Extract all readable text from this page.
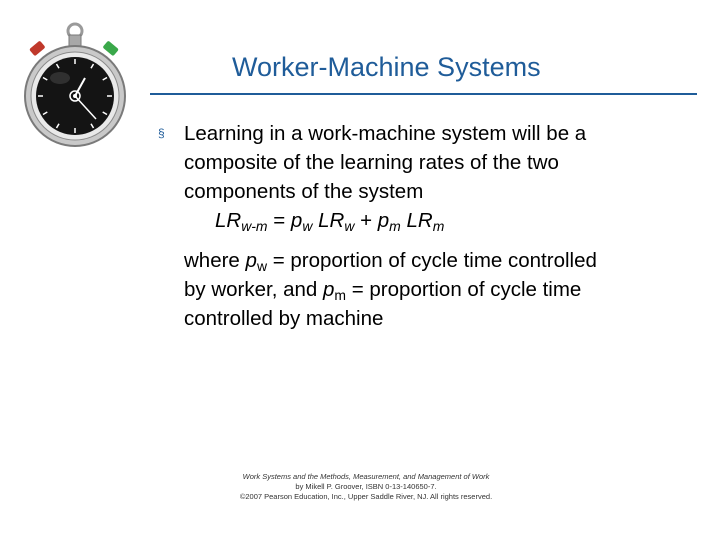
Worker-Machine Systems
§ Learning in a work-machine system will be a
composite of the learning rates of the two
components of the system
$LR_{w-m} = p_w$ $LR_w + p_m$ $LR_m$
where $p_w$ = proportion of cycle time controlled
by worker, and $p_m$ = proportion of cycle time
controlled by machine
Work Systems and the Methods, Measurement, and Management of Work
by Mikell P. Groover, ISBN 0-13-140650-7.
©2007 Pearson Education, Inc., Upper Saddle River, NJ. All rights reserved.
